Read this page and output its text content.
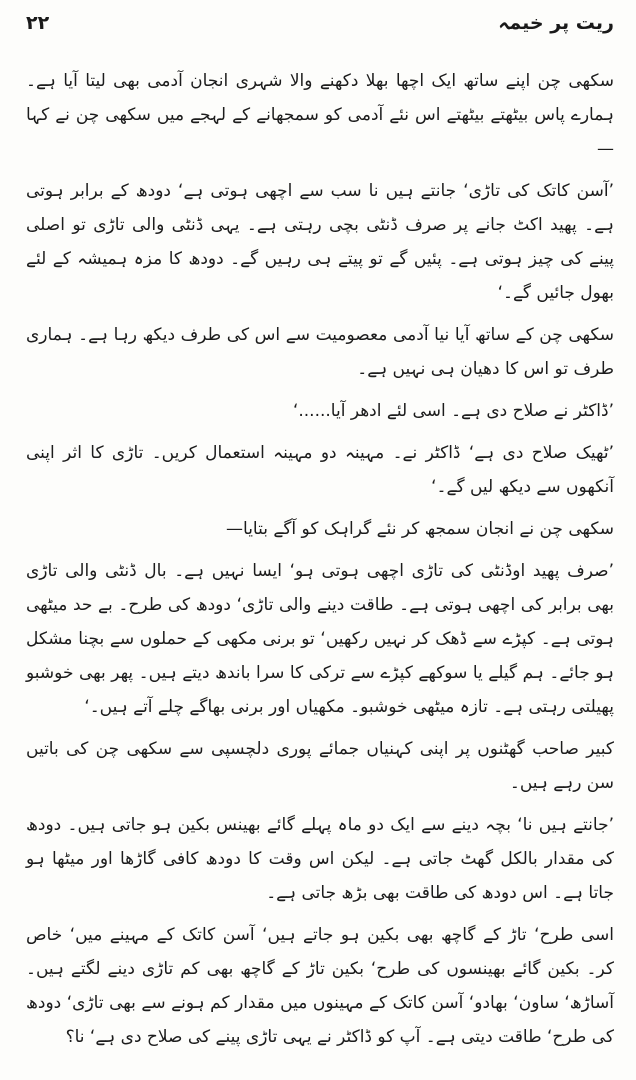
۲۲	ریت پر خیمہ

سکھی چن اپنے ساتھ ایک اچھا بھلا دکھنے والا شہری انجان آدمی بھی لیتا آیا ہے۔ ہمارے پاس بیٹھتے بیٹھتے اس نئے آدمی کو سمجھانے کے لہجے میں سکھی چن نے کہا—

’آسن کاتک کی تاڑی‘ جانتے ہیں نا سب سے اچھی ہوتی ہے‘ دودھ کے برابر ہوتی ہے۔ پھید اکٹ جانے پر صرف ڈنٹی بچی رہتی ہے۔ یہی ڈنٹی والی تاڑی تو اصلی پینے کی چیز ہوتی ہے۔ پئیں گے تو پیتے ہی رہیں گے۔ دودھ کا مزہ ہمیشہ کے لئے بھول جائیں گے۔‘

سکھی چن کے ساتھ آیا نیا آدمی معصومیت سے اس کی طرف دیکھ رہا ہے۔ ہماری طرف تو اس کا دھیان ہی نہیں ہے۔

’ڈاکٹر نے صلاح دی ہے۔ اسی لئے ادھر آیا......‘

’ٹھیک صلاح دی ہے‘ ڈاکٹر نے۔ مہینہ دو مہینہ استعمال کریں۔ تاڑی کا اثر اپنی آنکھوں سے دیکھ لیں گے۔‘

سکھی چن نے انجان سمجھ کر نئے گراہک کو آگے بتایا—

’صرف پھید اوڈنٹی کی تاڑی اچھی ہوتی ہو‘ ایسا نہیں ہے۔ بال ڈنٹی والی تاڑی بھی برابر کی اچھی ہوتی ہے۔ طاقت دینے والی تاڑی‘ دودھ کی طرح۔ بے حد میٹھی ہوتی ہے۔ کپڑے سے ڈھک کر نہیں رکھیں‘ تو برنی مکھی کے حملوں سے بچنا مشکل ہو جائے۔ ہم گیلے یا سوکھے کپڑے سے ترکی کا سرا باندھ دیتے ہیں۔ پھر بھی خوشبو پھیلتی رہتی ہے۔ تازہ میٹھی خوشبو۔ مکھیاں اور برنی بھاگے چلے آتے ہیں۔‘

کبیر صاحب گھٹنوں پر اپنی کہنیاں جمائے پوری دلچسپی سے سکھی چن کی باتیں سن رہے ہیں۔

’جانتے ہیں نا‘ بچہ دینے سے ایک دو ماہ پہلے گائے بھینس بکین ہو جاتی ہیں۔ دودھ کی مقدار بالکل گھٹ جاتی ہے۔ لیکن اس وقت کا دودھ کافی گاڑھا اور میٹھا ہو جاتا ہے۔ اس دودھ کی طاقت بھی بڑھ جاتی ہے۔

اسی طرح‘ تاڑ کے گاچھ بھی بکین ہو جاتے ہیں‘ آسن کاتک کے مہینے میں‘ خاص کر۔ بکین گائے بھینسوں کی طرح‘ بکین تاڑ کے گاچھ بھی کم تاڑی دینے لگتے ہیں۔ آساڑھ‘ ساون‘ بھادو‘ آسن کاتک کے مہینوں میں مقدار کم ہونے سے بھی تاڑی‘ دودھ کی طرح‘ طاقت دیتی ہے۔ آپ کو ڈاکٹر نے یہی تاڑی پینے کی صلاح دی ہے‘ نا؟
